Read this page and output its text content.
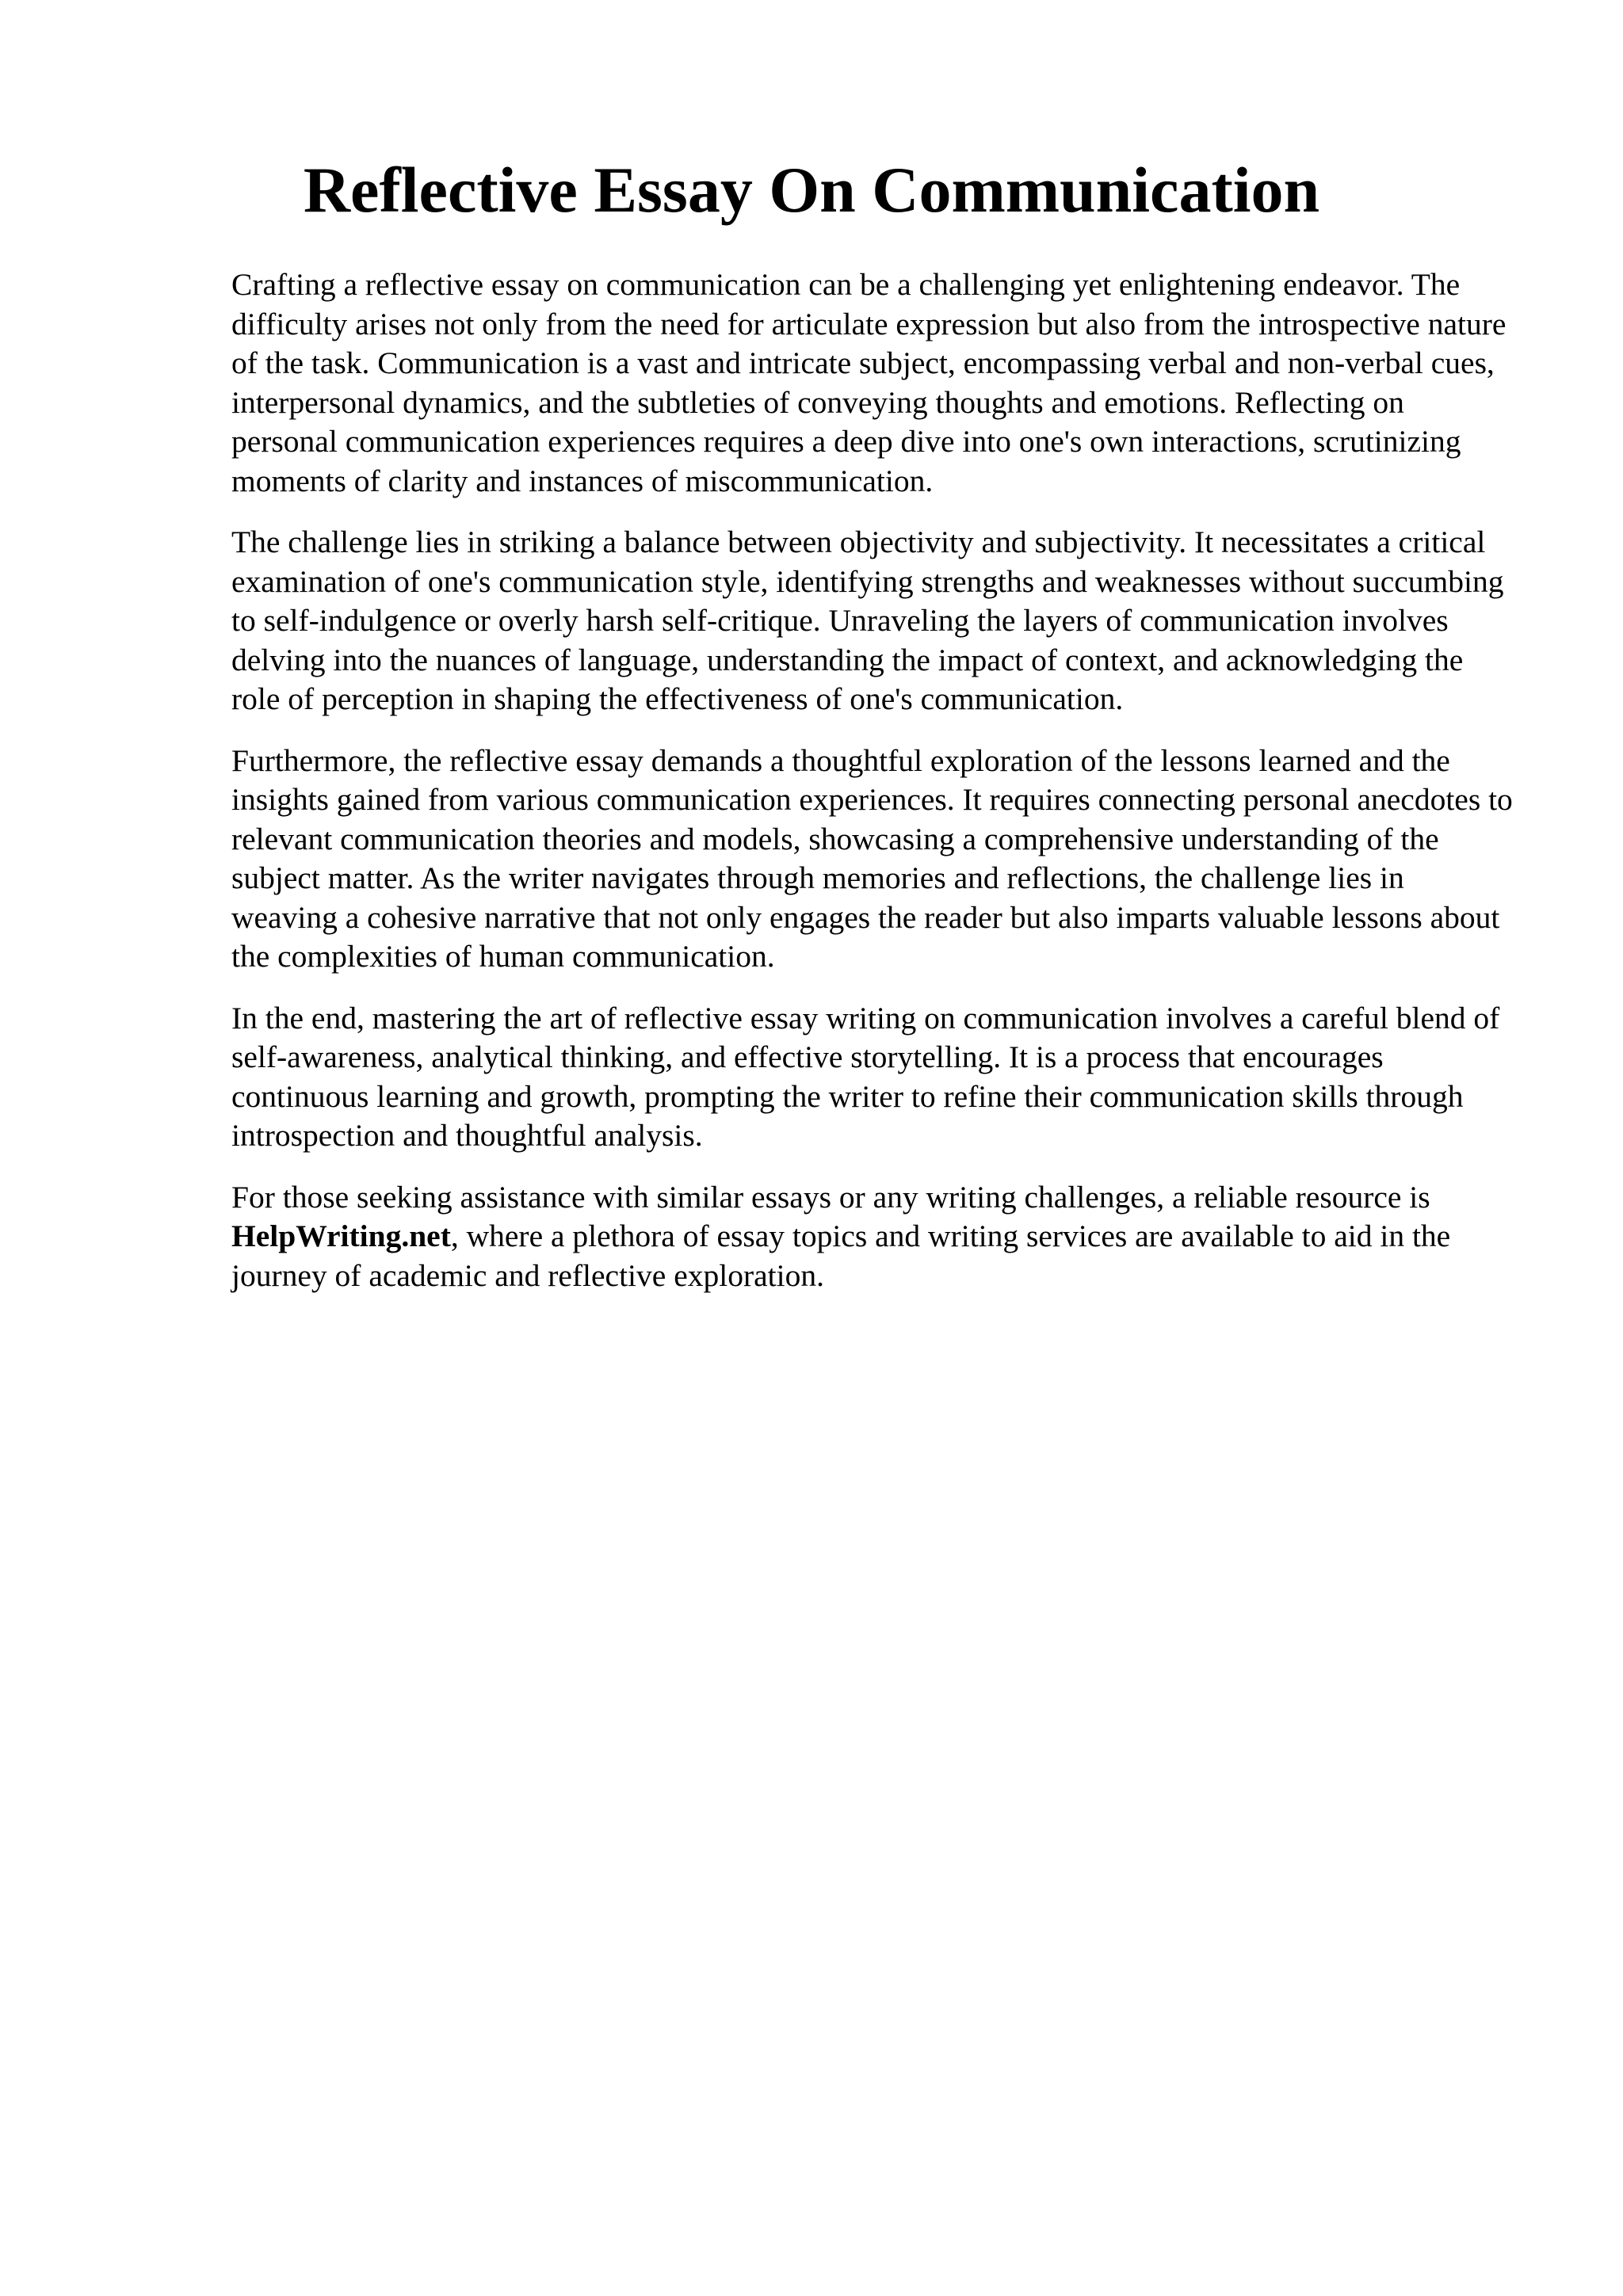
Reflective Essay On Communication

Crafting a reflective essay on communication can be a challenging yet enlightening endeavor. The difficulty arises not only from the need for articulate expression but also from the introspective nature of the task. Communication is a vast and intricate subject, encompassing verbal and non-verbal cues, interpersonal dynamics, and the subtleties of conveying thoughts and emotions. Reflecting on personal communication experiences requires a deep dive into one's own interactions, scrutinizing moments of clarity and instances of miscommunication.

The challenge lies in striking a balance between objectivity and subjectivity. It necessitates a critical examination of one's communication style, identifying strengths and weaknesses without succumbing to self-indulgence or overly harsh self-critique. Unraveling the layers of communication involves delving into the nuances of language, understanding the impact of context, and acknowledging the role of perception in shaping the effectiveness of one's communication.

Furthermore, the reflective essay demands a thoughtful exploration of the lessons learned and the insights gained from various communication experiences. It requires connecting personal anecdotes to relevant communication theories and models, showcasing a comprehensive understanding of the subject matter. As the writer navigates through memories and reflections, the challenge lies in weaving a cohesive narrative that not only engages the reader but also imparts valuable lessons about the complexities of human communication.

In the end, mastering the art of reflective essay writing on communication involves a careful blend of self-awareness, analytical thinking, and effective storytelling. It is a process that encourages continuous learning and growth, prompting the writer to refine their communication skills through introspection and thoughtful analysis.

For those seeking assistance with similar essays or any writing challenges, a reliable resource is HelpWriting.net, where a plethora of essay topics and writing services are available to aid in the journey of academic and reflective exploration.
